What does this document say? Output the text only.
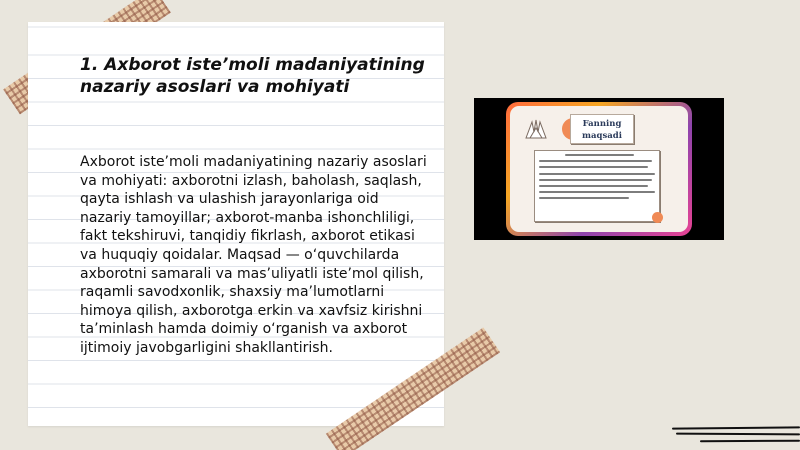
1. Axborot iste’moli madaniyatining nazariy asoslari va mohiyati

Axborot iste’moli madaniyatining nazariy asoslari va mohiyati: axborotni izlash, baholash, saqlash, qayta ishlash va ulashish jarayonlariga oid nazariy tamoyillar; axborot-manba ishonchliligi, fakt tekshiruvi, tanqidiy fikrlash, axborot etikasi va huquqiy qoidalar. Maqsad — o‘quvchilarda axborotni samarali va mas’uliyatli iste’mol qilish, raqamli savodxonlik, shaxsiy ma’lumotlarni himoya qilish, axborotga erkin va xavfsiz kirishni ta’minlash hamda doimiy o‘rganish va axborot ijtimoiy javobgarligini shakllantirish.

Fanning maqsadi
